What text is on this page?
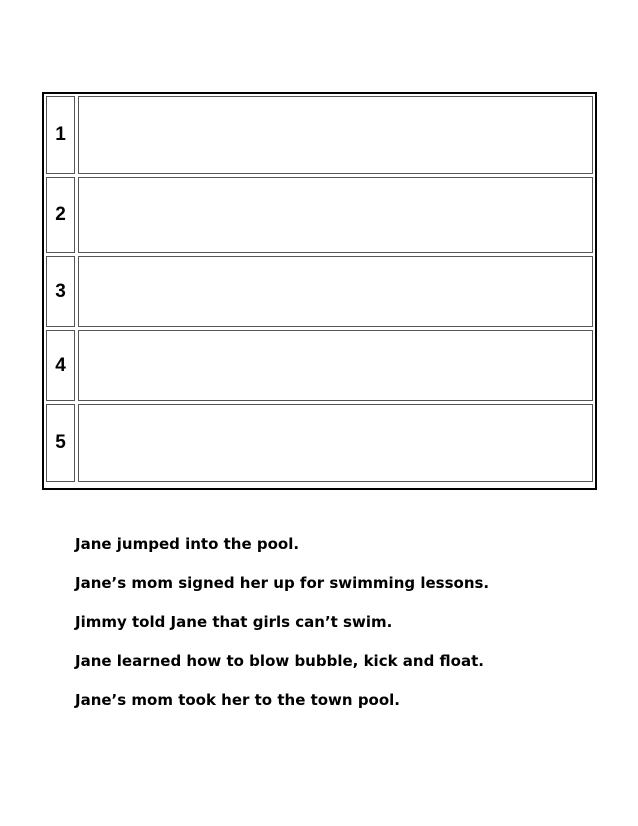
1
2
3
4
5
Jane jumped into the pool.
Jane’s mom signed her up for swimming lessons.
Jimmy told Jane that girls can’t swim.
Jane learned how to blow bubble, kick and float.
Jane’s mom took her to the town pool.
